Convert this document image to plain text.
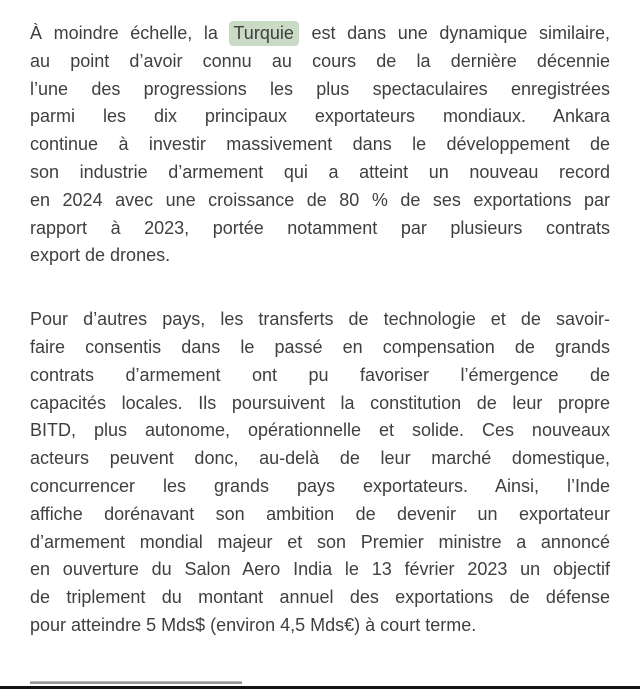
À moindre échelle, la Turquie est dans une dynamique similaire,
au point d’avoir connu au cours de la dernière décennie
l’une des progressions les plus spectaculaires enregistrées
parmi les dix principaux exportateurs mondiaux. Ankara
continue à investir massivement dans le développement de
son industrie d’armement qui a atteint un nouveau record
en 2024 avec une croissance de 80 % de ses exportations par
rapport à 2023, portée notamment par plusieurs contrats
export de drones.
Pour d’autres pays, les transferts de technologie et de savoir-
faire consentis dans le passé en compensation de grands
contrats d’armement ont pu favoriser l’émergence de
capacités locales. Ils poursuivent la constitution de leur propre
BITD, plus autonome, opérationnelle et solide. Ces nouveaux
acteurs peuvent donc, au-delà de leur marché domestique,
concurrencer les grands pays exportateurs. Ainsi, l’Inde
affiche dorénavant son ambition de devenir un exportateur
d’armement mondial majeur et son Premier ministre a annoncé
en ouverture du Salon Aero India le 13 février 2023 un objectif
de triplement du montant annuel des exportations de défense
pour atteindre 5 Mds$ (environ 4,5 Mds€) à court terme.
